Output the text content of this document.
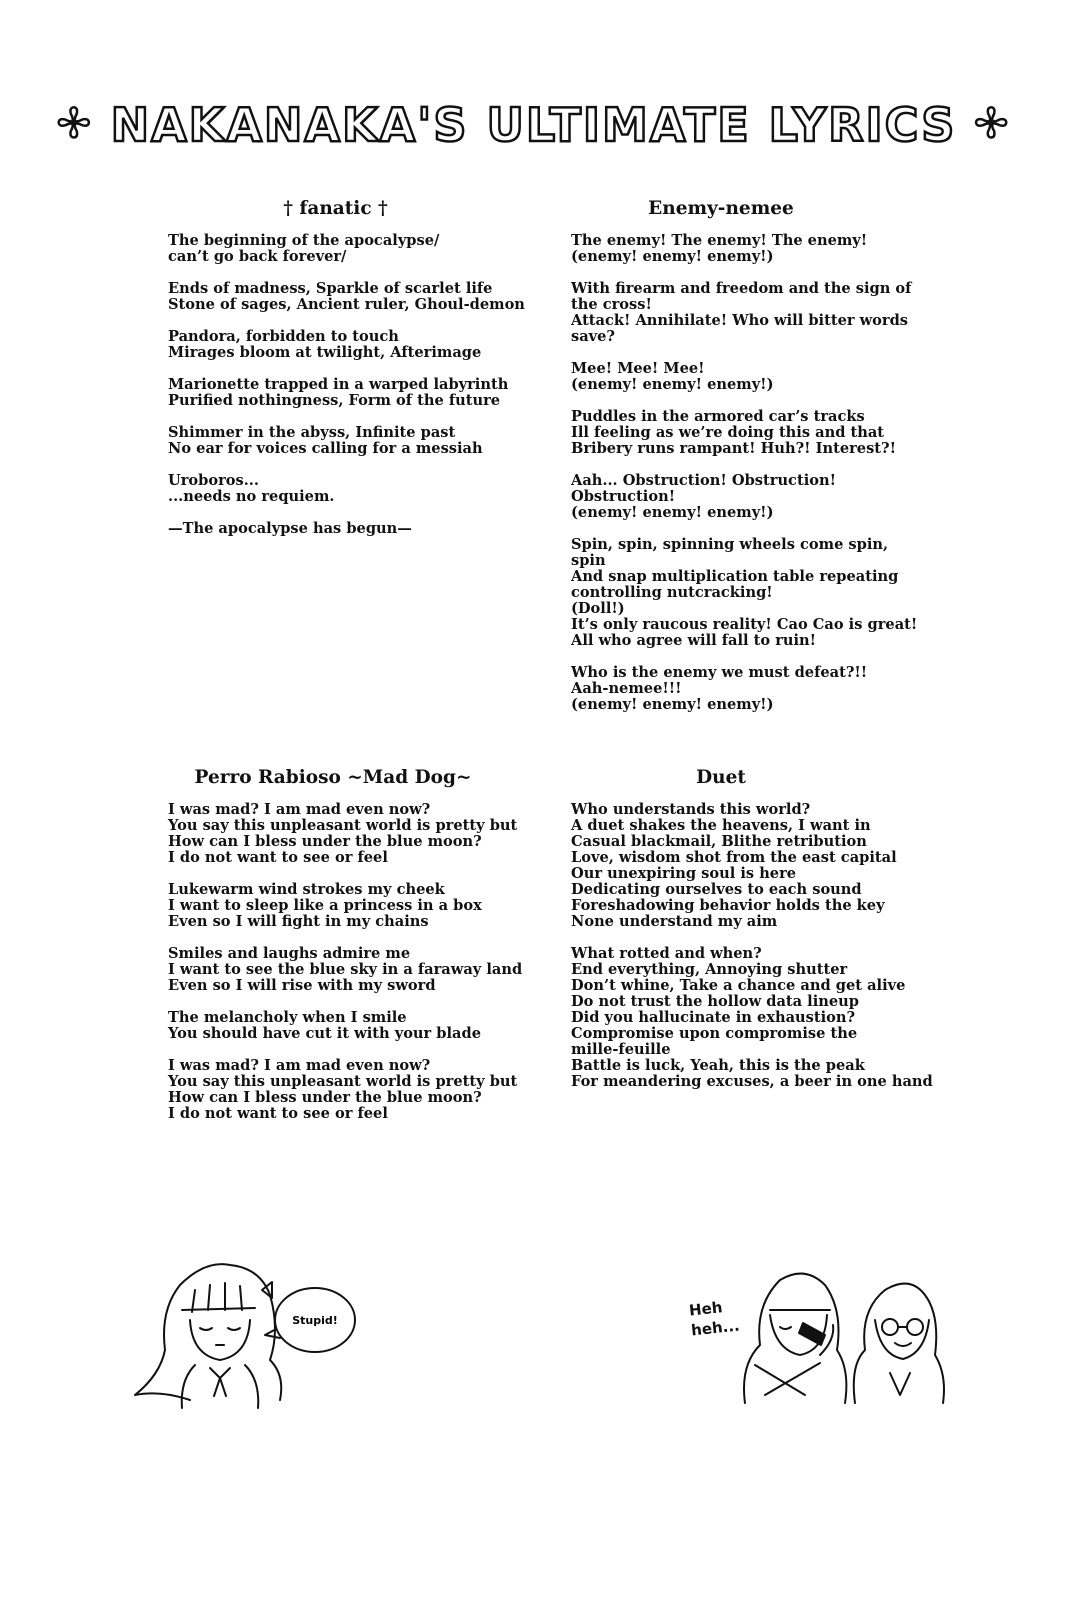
✢ NAKANAKA'S ULTIMATE LYRICS ✢
† fanatic †
The beginning of the apocalypse/
can’t go back forever/
Ends of madness, Sparkle of scarlet life
Stone of sages, Ancient ruler, Ghoul-demon
Pandora, forbidden to touch
Mirages bloom at twilight, Afterimage
Marionette trapped in a warped labyrinth
Purified nothingness, Form of the future
Shimmer in the abyss, Infinite past
No ear for voices calling for a messiah
Uroboros...
...needs no requiem.
—The apocalypse has begun—
Enemy-nemee
The enemy! The enemy! The enemy!
(enemy! enemy! enemy!)
With firearm and freedom and the sign of
the cross!
Attack! Annihilate! Who will bitter words
save?
Mee! Mee! Mee!
(enemy! enemy! enemy!)
Puddles in the armored car’s tracks
Ill feeling as we’re doing this and that
Bribery runs rampant! Huh?! Interest?!
Aah... Obstruction! Obstruction!
Obstruction!
(enemy! enemy! enemy!)
Spin, spin, spinning wheels come spin,
spin
And snap multiplication table repeating
controlling nutcracking!
(Doll!)
It’s only raucous reality! Cao Cao is great!
All who agree will fall to ruin!
Who is the enemy we must defeat?!!
Aah-nemee!!!
(enemy! enemy! enemy!)
Perro Rabioso ~Mad Dog~
I was mad? I am mad even now?
You say this unpleasant world is pretty but
How can I bless under the blue moon?
I do not want to see or feel
Lukewarm wind strokes my cheek
I want to sleep like a princess in a box
Even so I will fight in my chains
Smiles and laughs admire me
I want to see the blue sky in a faraway land
Even so I will rise with my sword
The melancholy when I smile
You should have cut it with your blade
I was mad? I am mad even now?
You say this unpleasant world is pretty but
How can I bless under the blue moon?
I do not want to see or feel
Duet
Who understands this world?
A duet shakes the heavens, I want in
Casual blackmail, Blithe retribution
Love, wisdom shot from the east capital
Our unexpiring soul is here
Dedicating ourselves to each sound
Foreshadowing behavior holds the key
None understand my aim
What rotted and when?
End everything, Annoying shutter
Don’t whine, Take a chance and get alive
Do not trust the hollow data lineup
Did you hallucinate in exhaustion?
Compromise upon compromise the
mille-feuille
Battle is luck, Yeah, this is the peak
For meandering excuses, a beer in one hand
Stupid!
Heh
heh...
